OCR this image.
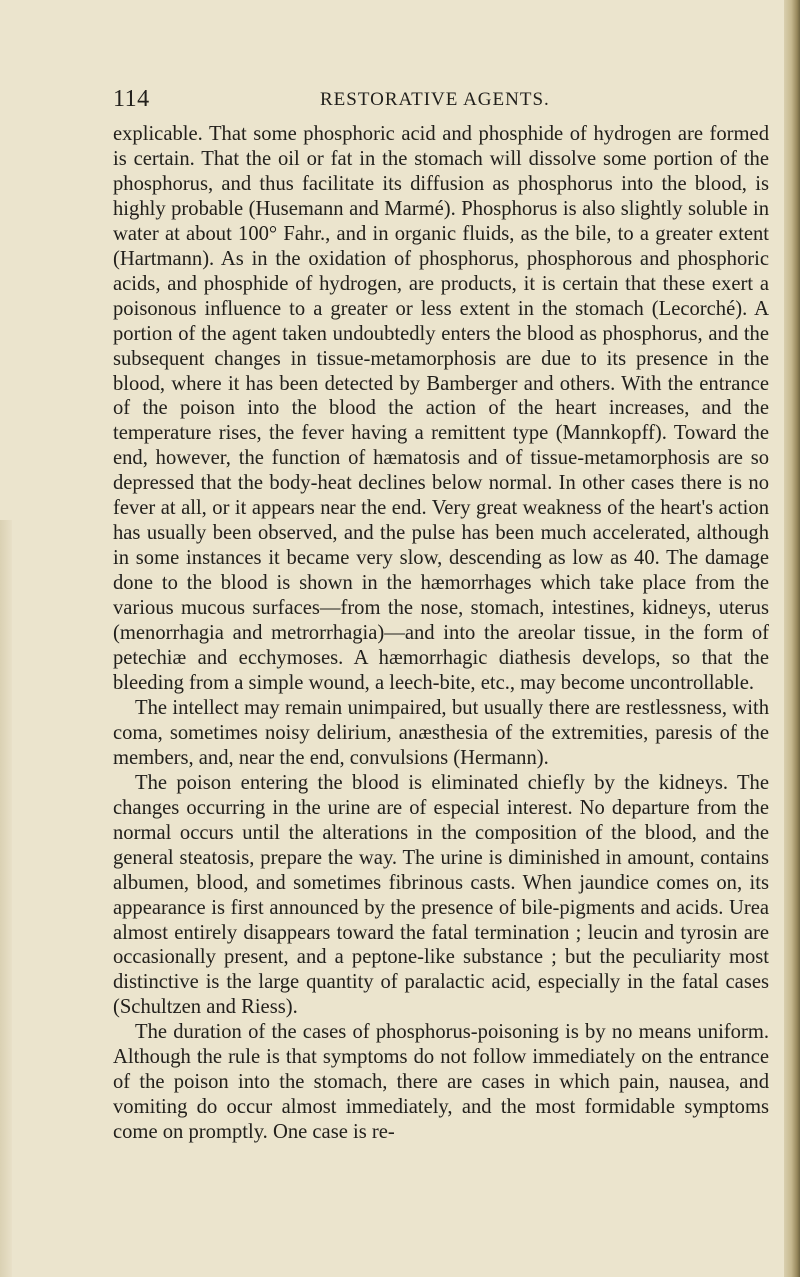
114	RESTORATIVE AGENTS.

explicable. That some phosphoric acid and phosphide of hydrogen are formed is certain. That the oil or fat in the stomach will dissolve some portion of the phosphorus, and thus facilitate its diffusion as phosphorus into the blood, is highly probable (Husemann and Marmé). Phosphorus is also slightly soluble in water at about 100° Fahr., and in organic fluids, as the bile, to a greater extent (Hartmann). As in the oxidation of phosphorus, phosphorous and phosphoric acids, and phosphide of hydrogen, are products, it is certain that these exert a poisonous influence to a greater or less extent in the stomach (Lecorché). A portion of the agent taken undoubtedly enters the blood as phosphorus, and the subsequent changes in tissue-metamorphosis are due to its presence in the blood, where it has been detected by Bamberger and others. With the entrance of the poison into the blood the action of the heart increases, and the temperature rises, the fever having a remittent type (Mannkopff). Toward the end, however, the function of hæmatosis and of tissue-metamorphosis are so depressed that the body-heat declines below normal. In other cases there is no fever at all, or it appears near the end. Very great weakness of the heart's action has usually been observed, and the pulse has been much accelerated, although in some instances it became very slow, descending as low as 40. The damage done to the blood is shown in the hæmorrhages which take place from the various mucous surfaces—from the nose, stomach, intestines, kidneys, uterus (menorrhagia and metrorrhagia)—and into the areolar tissue, in the form of petechiæ and ecchymoses. A hæmorrhagic diathesis develops, so that the bleeding from a simple wound, a leech-bite, etc., may become uncontrollable.

The intellect may remain unimpaired, but usually there are restlessness, with coma, sometimes noisy delirium, anæsthesia of the extremities, paresis of the members, and, near the end, convulsions (Hermann).

The poison entering the blood is eliminated chiefly by the kidneys. The changes occurring in the urine are of especial interest. No departure from the normal occurs until the alterations in the composition of the blood, and the general steatosis, prepare the way. The urine is diminished in amount, contains albumen, blood, and sometimes fibrinous casts. When jaundice comes on, its appearance is first announced by the presence of bile-pigments and acids. Urea almost entirely disappears toward the fatal termination ; leucin and tyrosin are occasionally present, and a peptone-like substance ; but the peculiarity most distinctive is the large quantity of paralactic acid, especially in the fatal cases (Schultzen and Riess).

The duration of the cases of phosphorus-poisoning is by no means uniform. Although the rule is that symptoms do not follow immediately on the entrance of the poison into the stomach, there are cases in which pain, nausea, and vomiting do occur almost immediately, and the most formidable symptoms come on promptly. One case is re-
